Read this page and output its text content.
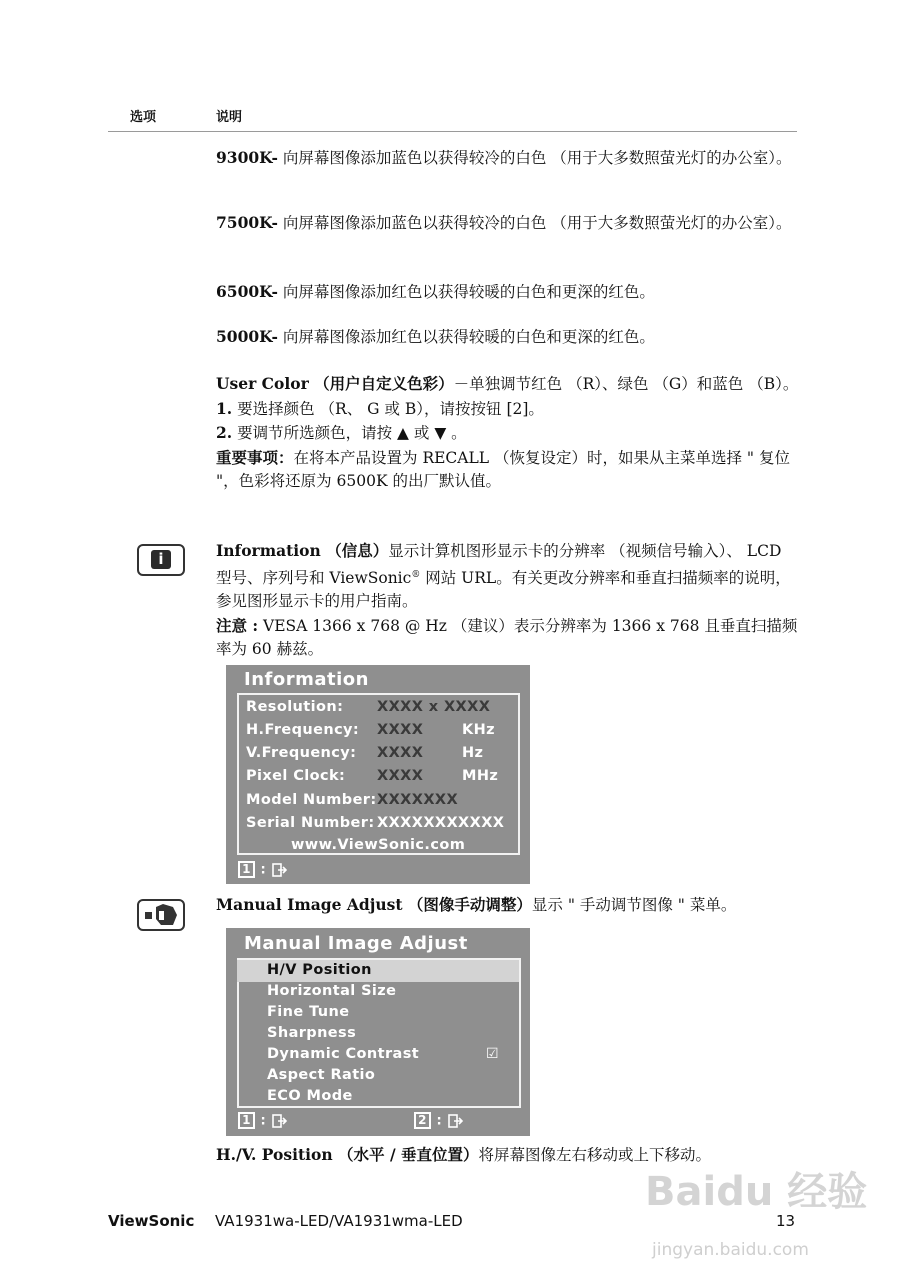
选项	说明
9300K- 向屏幕图像添加蓝色以获得较冷的白色 （用于大多数照萤光灯的办公室）。
7500K- 向屏幕图像添加蓝色以获得较冷的白色 （用于大多数照萤光灯的办公室）。
6500K- 向屏幕图像添加红色以获得较暖的白色和更深的红色。
5000K- 向屏幕图像添加红色以获得较暖的白色和更深的红色。
User Color （用户自定义色彩）－单独调节红色 （R）、绿色 （G）和蓝色 （B）。
1. 要选择颜色 （R、 G 或 B），请按按钮 [2]。
2. 要调节所选颜色，请按 ▲ 或 ▼ 。
重要事项：在将本产品设置为 RECALL （恢复设定）时，如果从主菜单选择 " 复位 "，色彩将还原为 6500K 的出厂默认值。
i	Information （信息）显示计算机图形显示卡的分辨率 （视频信号输入）、 LCD 型号、序列号和 ViewSonic® 网站 URL。有关更改分辨率和垂直扫描频率的说明，参见图形显示卡的用户指南。
注意 : VESA 1366 x 768 @ Hz （建议）表示分辨率为 1366 x 768 且垂直扫描频率为 60 赫兹。
Information
Resolution: XXXX x XXXX
H.Frequency: XXXX	KHz
V.Frequency: XXXX	Hz
Pixel Clock: XXXX	MHz
Model Number: XXXXXXX
Serial Number: XXXXXXXXXXX
www.ViewSonic.com
1 :
Manual Image Adjust （图像手动调整）显示 " 手动调节图像 " 菜单。
Manual Image Adjust
H/V Position
Horizontal Size
Fine Tune
Sharpness
Dynamic Contrast	☑
Aspect Ratio
ECO Mode
1 :	2 :
H./V. Position （水平 / 垂直位置）将屏幕图像左右移动或上下移动。
Baidu 经验
jingyan.baidu.com
ViewSonic VA1931wa-LED/VA1931wma-LED	13
